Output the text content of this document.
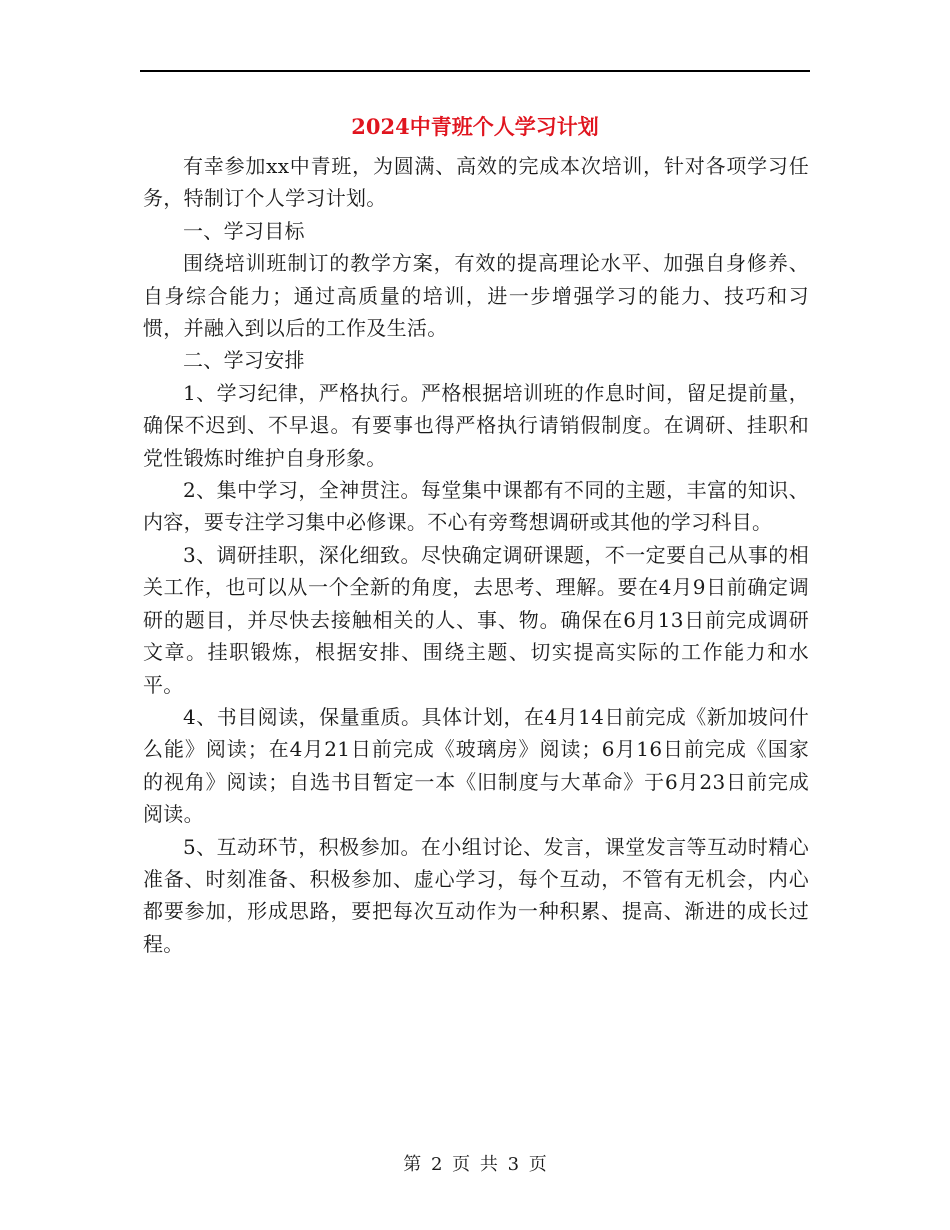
2024中青班个人学习计划

有幸参加xx中青班，为圆满、高效的完成本次培训，针对各项学习任务，特制订个人学习计划。

一、学习目标

围绕培训班制订的教学方案，有效的提高理论水平、加强自身修养、自身综合能力；通过高质量的培训，进一步增强学习的能力、技巧和习惯，并融入到以后的工作及生活。

二、学习安排

1、学习纪律，严格执行。严格根据培训班的作息时间，留足提前量，确保不迟到、不早退。有要事也得严格执行请销假制度。在调研、挂职和党性锻炼时维护自身形象。

2、集中学习，全神贯注。每堂集中课都有不同的主题，丰富的知识、内容，要专注学习集中必修课。不心有旁骛想调研或其他的学习科目。

3、调研挂职，深化细致。尽快确定调研课题，不一定要自己从事的相关工作，也可以从一个全新的角度，去思考、理解。要在4月9日前确定调研的题目，并尽快去接触相关的人、事、物。确保在6月13日前完成调研文章。挂职锻炼，根据安排、围绕主题、切实提高实际的工作能力和水平。

4、书目阅读，保量重质。具体计划，在4月14日前完成《新加坡问什么能》阅读；在4月21日前完成《玻璃房》阅读；6月16日前完成《国家的视角》阅读；自选书目暂定一本《旧制度与大革命》于6月23日前完成阅读。

5、互动环节，积极参加。在小组讨论、发言，课堂发言等互动时精心准备、时刻准备、积极参加、虚心学习，每个互动，不管有无机会，内心都要参加，形成思路，要把每次互动作为一种积累、提高、渐进的成长过程。

第 2 页 共 3 页
